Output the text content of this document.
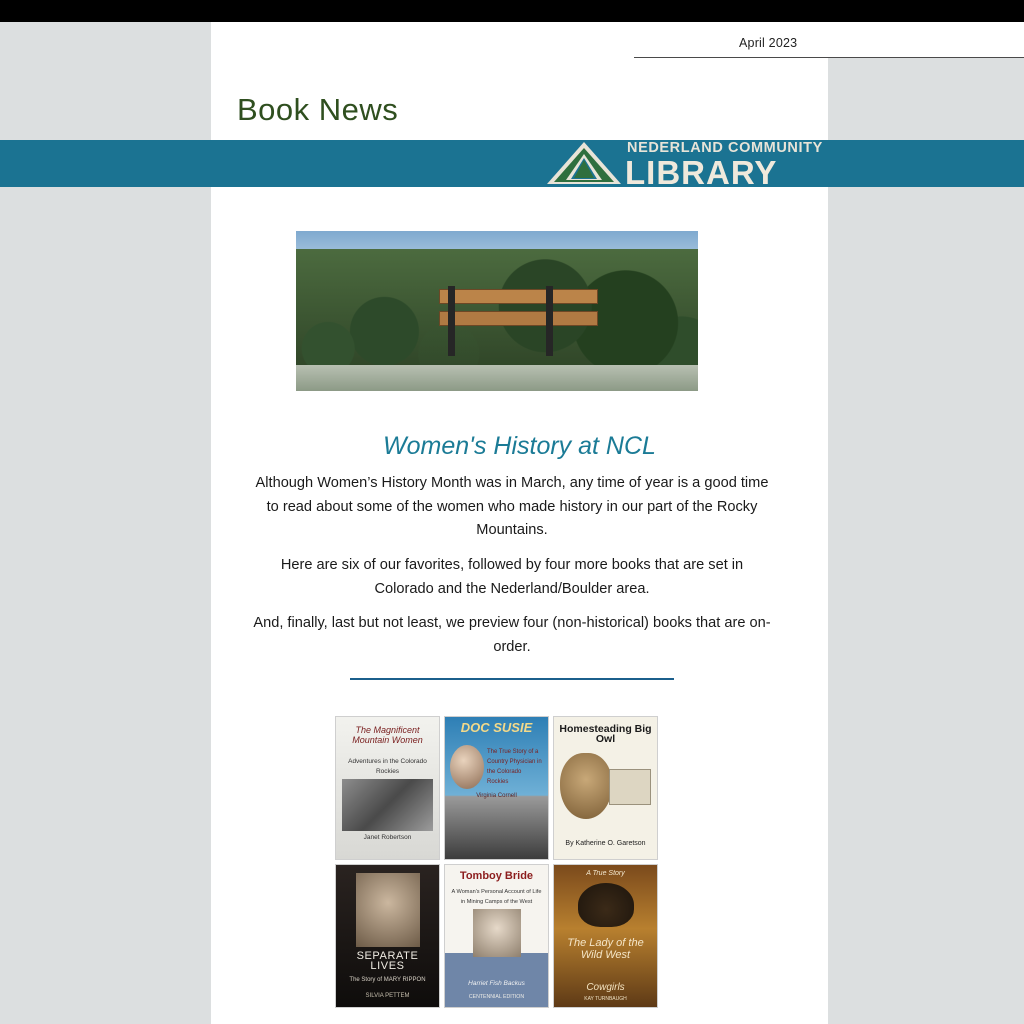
April 2023
Book News
NEDERLAND COMMUNITY
LIBRARY
Women's History at NCL
Although Women’s History Month was in March, any time of year is a good time to read about some of the women who made history in our part of the Rocky Mountains.
Here are six of our favorites, followed by four more books that are set in Colorado and the Nederland/Boulder area.
And, finally, last but not least, we preview four (non-historical) books that are on-order.
The Magnificent Mountain Women
Adventures in the Colorado Rockies
Janet Robertson
DOC SUSIE
The True Story of a Country Physician in the Colorado Rockies
Virginia Cornell
Homesteading Big Owl
By Katherine O. Garetson
SEPARATE LIVES
The Story of MARY RIPPON
SILVIA PETTEM
Tomboy Bride
A Woman's Personal Account of Life in Mining Camps of the West
Harriet Fish Backus
CENTENNIAL EDITION
A True Story
The Lady of the Wild West
Cowgirls
KAY TURNBAUGH
